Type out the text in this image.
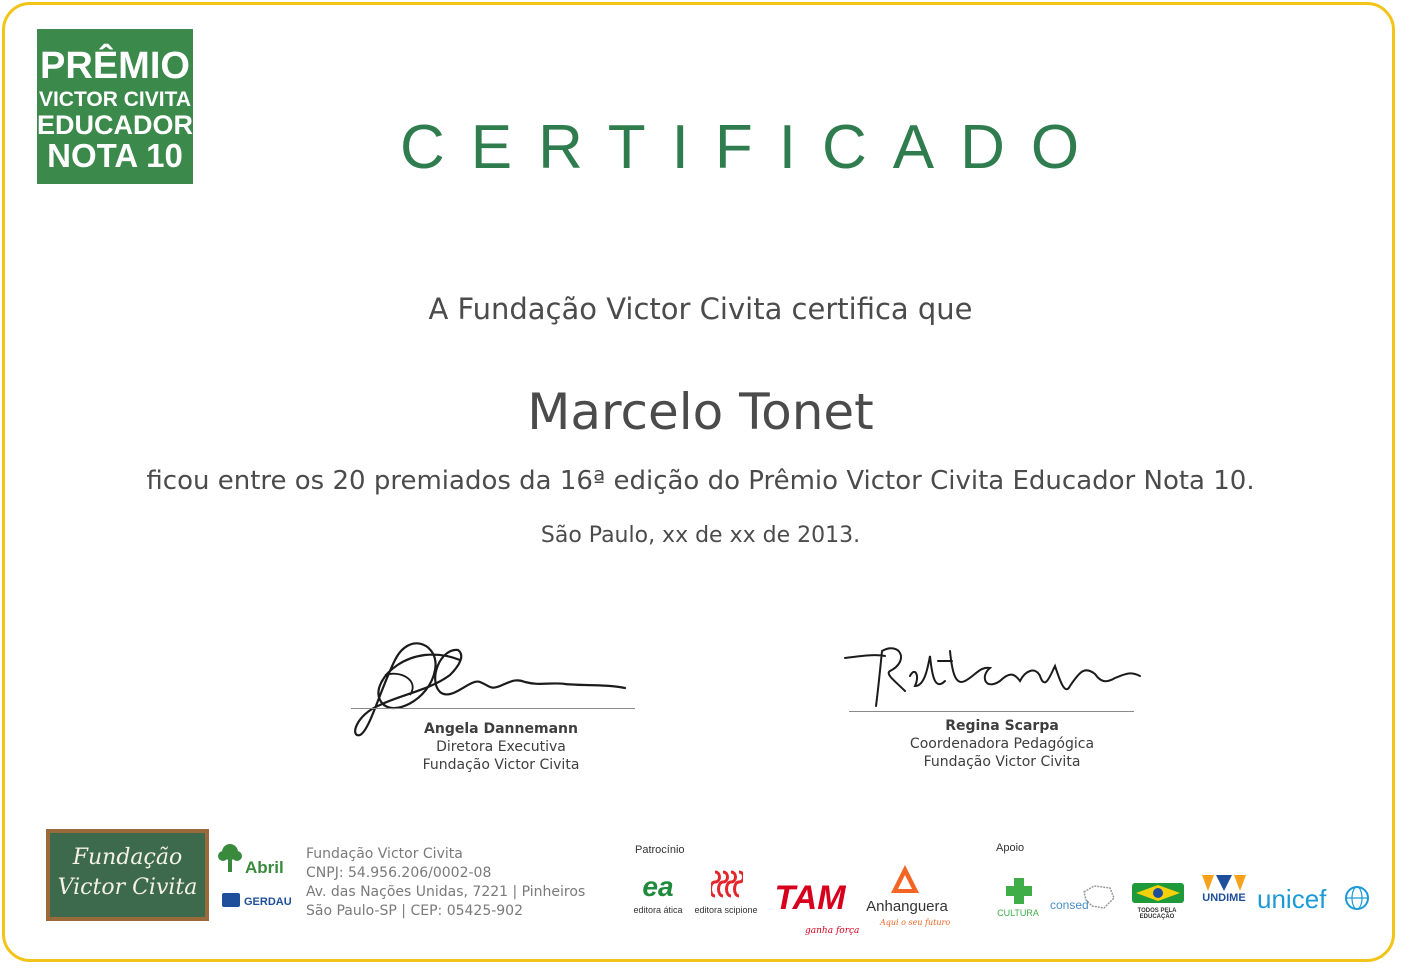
PRÊMIO
VICTOR CIVITA
EDUCADOR
NOTA 10	CERTIFICADO
A Fundação Victor Civita certifica que
Marcelo Tonet
ficou entre os 20 premiados da 16ª edição do Prêmio Victor Civita Educador Nota 10.
São Paulo, xx de xx de 2013.
Angela Dannemann
Diretora Executiva
Fundação Victor Civita
Regina Scarpa
Coordenadora Pedagógica
Fundação Victor Civita
Fundação
Victor Civita
Abril
GERDAU
Fundação Victor Civita
CNPJ: 54.956.206/0002-08
Av. das Nações Unidas, 7221 | Pinheiros
São Paulo-SP | CEP: 05425-902
Patrocínio
ea
editora ática	editora scipione TAM
ganha força
Anhanguera
Aqui o seu futuro
Apoio
CULTURA
consed	TODOS PELA EDUCAÇÃO
UNDIME unicef
